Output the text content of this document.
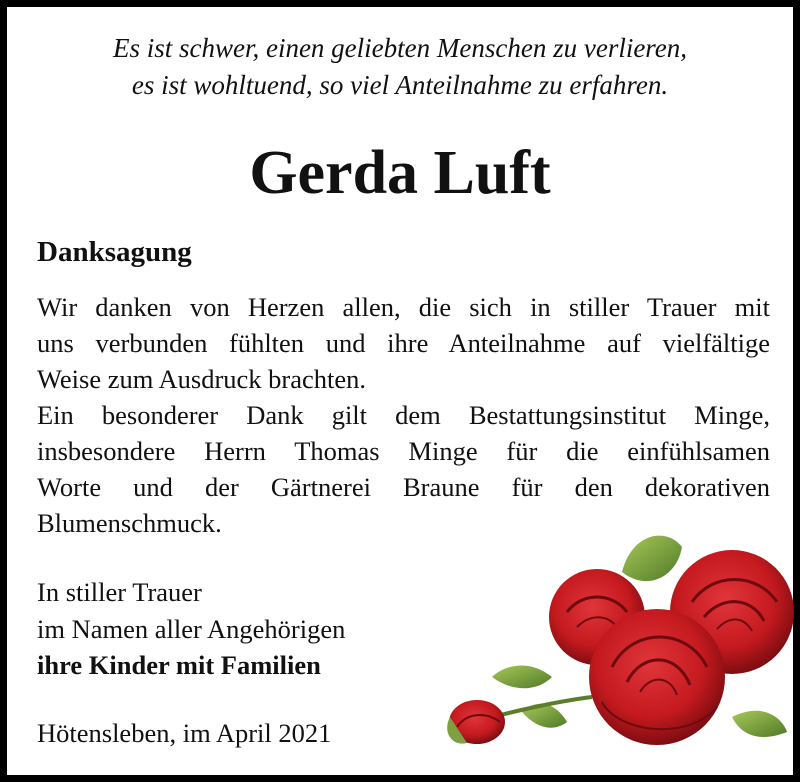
Es ist schwer, einen geliebten Menschen zu verlieren,
es ist wohltuend, so viel Anteilnahme zu erfahren.
Gerda Luft
Danksagung
Wir danken von Herzen allen, die sich in stiller Trauer mit
uns verbunden fühlten und ihre Anteilnahme auf vielfältige
Weise zum Ausdruck brachten.
Ein besonderer Dank gilt dem Bestattungsinstitut Minge,
insbesondere Herrn Thomas Minge für die einfühlsamen
Worte und der Gärtnerei Braune für den dekorativen
Blumenschmuck.
In stiller Trauer
im Namen aller Angehörigen
ihre Kinder mit Familien
Hötensleben, im April 2021
